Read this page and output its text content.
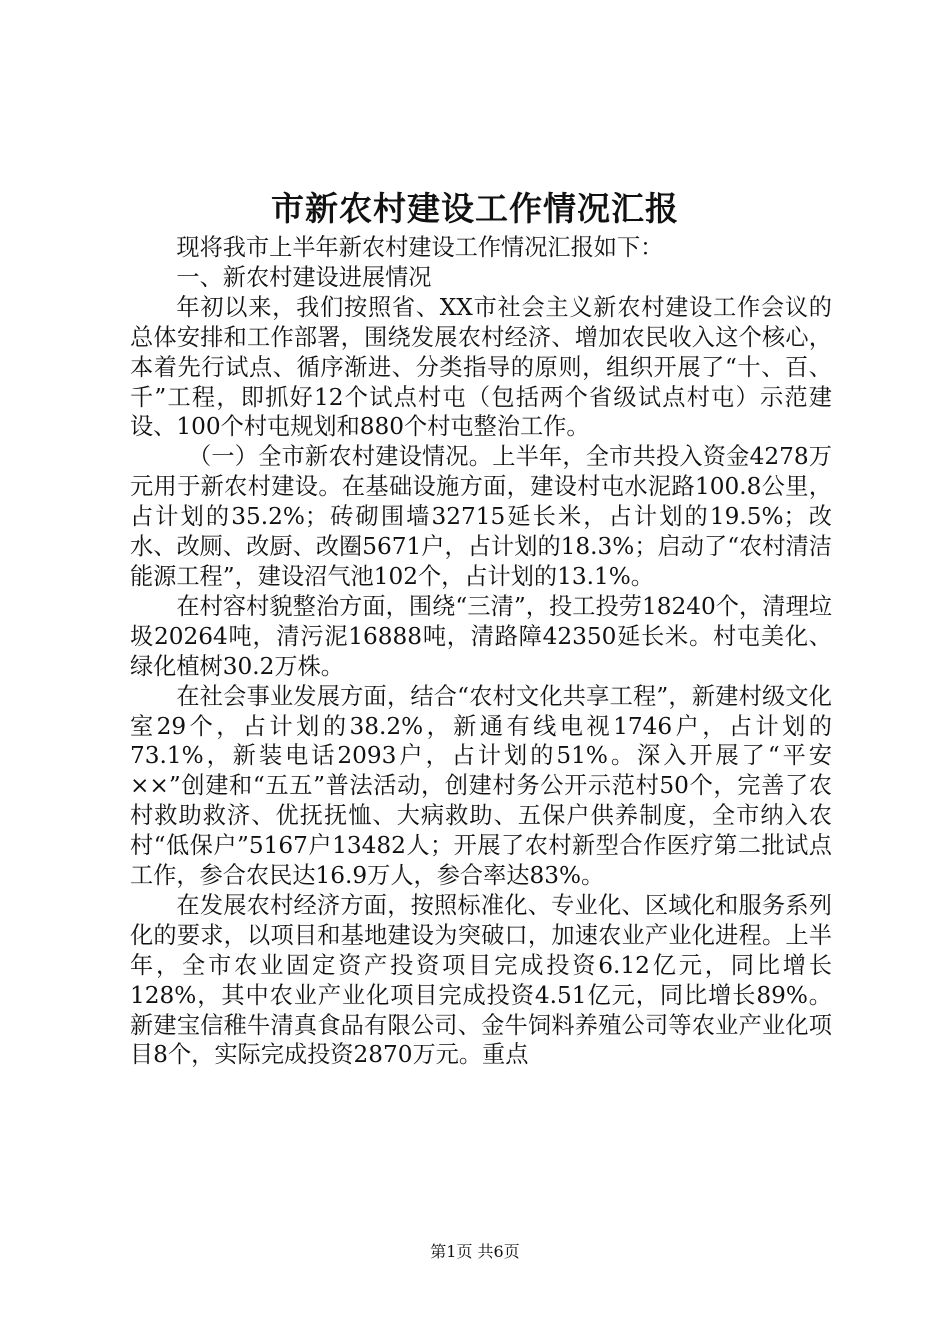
市新农村建设工作情况汇报

现将我市上半年新农村建设工作情况汇报如下：

一、新农村建设进展情况

年初以来，我们按照省、XX市社会主义新农村建设工作会议的总体安排和工作部署，围绕发展农村经济、增加农民收入这个核心，本着先行试点、循序渐进、分类指导的原则，组织开展了“十、百、千”工程，即抓好12个试点村屯（包括两个省级试点村屯）示范建设、100个村屯规划和880个村屯整治工作。

（一）全市新农村建设情况。上半年，全市共投入资金4278万元用于新农村建设。在基础设施方面，建设村屯水泥路100.8公里，占计划的35.2%；砖砌围墙32715延长米，占计划的19.5%；改水、改厕、改厨、改圈5671户，占计划的18.3%；启动了“农村清洁能源工程”，建设沼气池102个，占计划的13.1%。

在村容村貌整治方面，围绕“三清”，投工投劳18240个，清理垃圾20264吨，清污泥16888吨，清路障42350延长米。村屯美化、绿化植树30.2万株。

在社会事业发展方面，结合“农村文化共享工程”，新建村级文化室29个，占计划的38.2%，新通有线电视1746户，占计划的73.1%，新装电话2093户，占计划的51%。深入开展了“平安××”创建和“五五”普法活动，创建村务公开示范村50个，完善了农村救助救济、优抚抚恤、大病救助、五保户供养制度，全市纳入农村“低保户”5167户13482人；开展了农村新型合作医疗第二批试点工作，参合农民达16.9万人，参合率达83%。

在发展农村经济方面，按照标准化、专业化、区域化和服务系列化的要求，以项目和基地建设为突破口，加速农业产业化进程。上半年，全市农业固定资产投资项目完成投资6.12亿元，同比增长128%，其中农业产业化项目完成投资4.51亿元，同比增长89%。新建宝信稚牛清真食品有限公司、金牛饲料养殖公司等农业产业化项目8个，实际完成投资2870万元。重点

第1页 共6页
